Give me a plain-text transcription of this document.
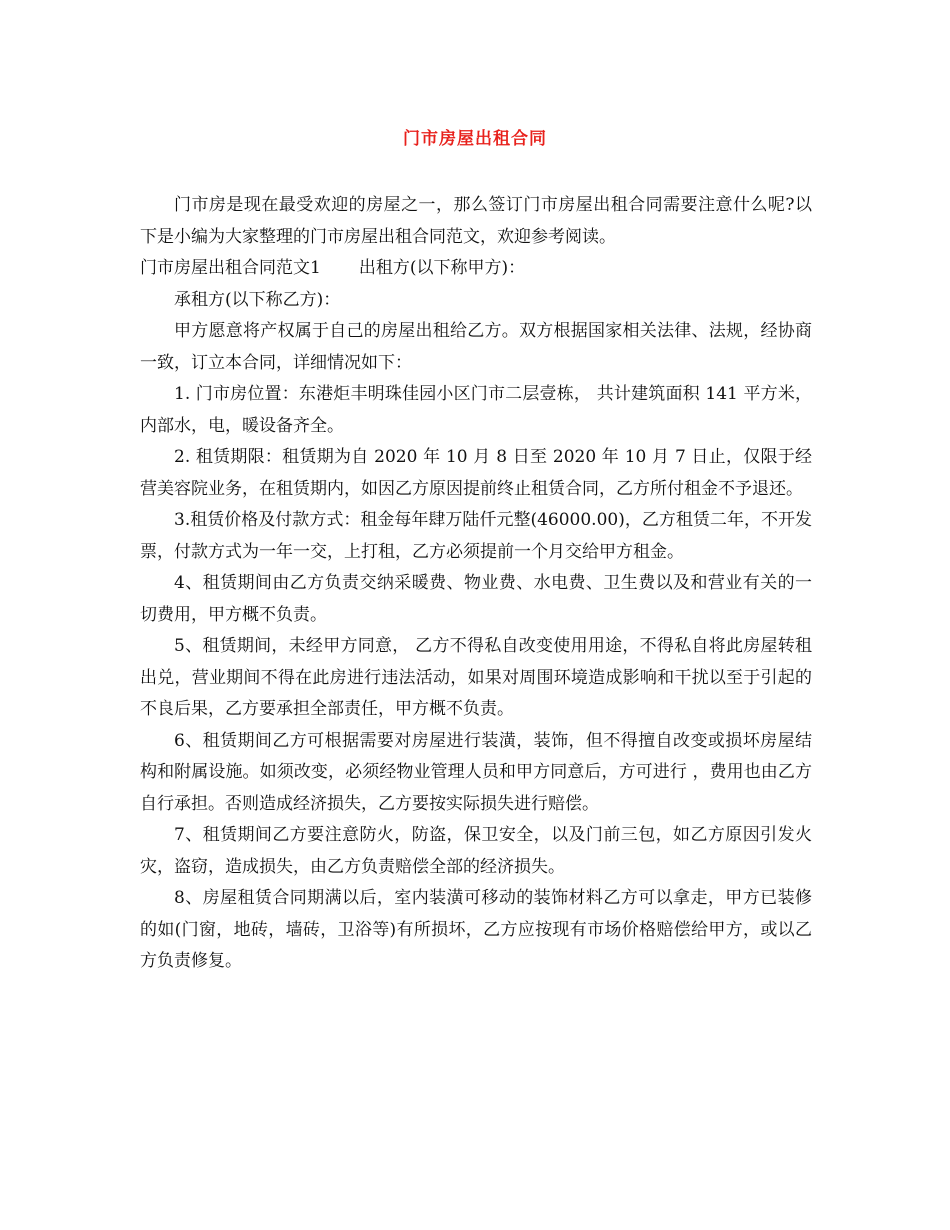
门市房屋出租合同

门市房是现在最受欢迎的房屋之一，那么签订门市房屋出租合同需要注意什么呢?以下是小编为大家整理的门市房屋出租合同范文，欢迎参考阅读。

门市房屋出租合同范文1 出租方(以下称甲方)：

承租方(以下称乙方)：

甲方愿意将产权属于自己的房屋出租给乙方。双方根据国家相关法律、法规，经协商一致，订立本合同，详细情况如下：

1. 门市房位置：东港炬丰明珠佳园小区门市二层壹栋， 共计建筑面积 141 平方米，内部水，电，暖设备齐全。

2. 租赁期限：租赁期为自 2020 年 10 月 8 日至 2020 年 10 月 7 日止，仅限于经营美容院业务，在租赁期内，如因乙方原因提前终止租赁合同，乙方所付租金不予退还。

3.租赁价格及付款方式：租金每年肆万陆仟元整(46000.00)，乙方租赁二年，不开发票，付款方式为一年一交，上打租，乙方必须提前一个月交给甲方租金。

4、租赁期间由乙方负责交纳采暖费、物业费、水电费、卫生费以及和营业有关的一切费用，甲方概不负责。

5、租赁期间，未经甲方同意， 乙方不得私自改变使用用途，不得私自将此房屋转租出兑，营业期间不得在此房进行违法活动，如果对周围环境造成影响和干扰以至于引起的不良后果，乙方要承担全部责任，甲方概不负责。

6、租赁期间乙方可根据需要对房屋进行装潢，装饰，但不得擅自改变或损坏房屋结构和附属设施。如须改变，必须经物业管理人员和甲方同意后，方可进行 ，费用也由乙方自行承担。否则造成经济损失，乙方要按实际损失进行赔偿。

7、租赁期间乙方要注意防火，防盗，保卫安全，以及门前三包，如乙方原因引发火灾，盗窃，造成损失，由乙方负责赔偿全部的经济损失。

8、房屋租赁合同期满以后，室内装潢可移动的装饰材料乙方可以拿走，甲方已装修的如(门窗，地砖，墙砖，卫浴等)有所损坏，乙方应按现有市场价格赔偿给甲方，或以乙方负责修复。
